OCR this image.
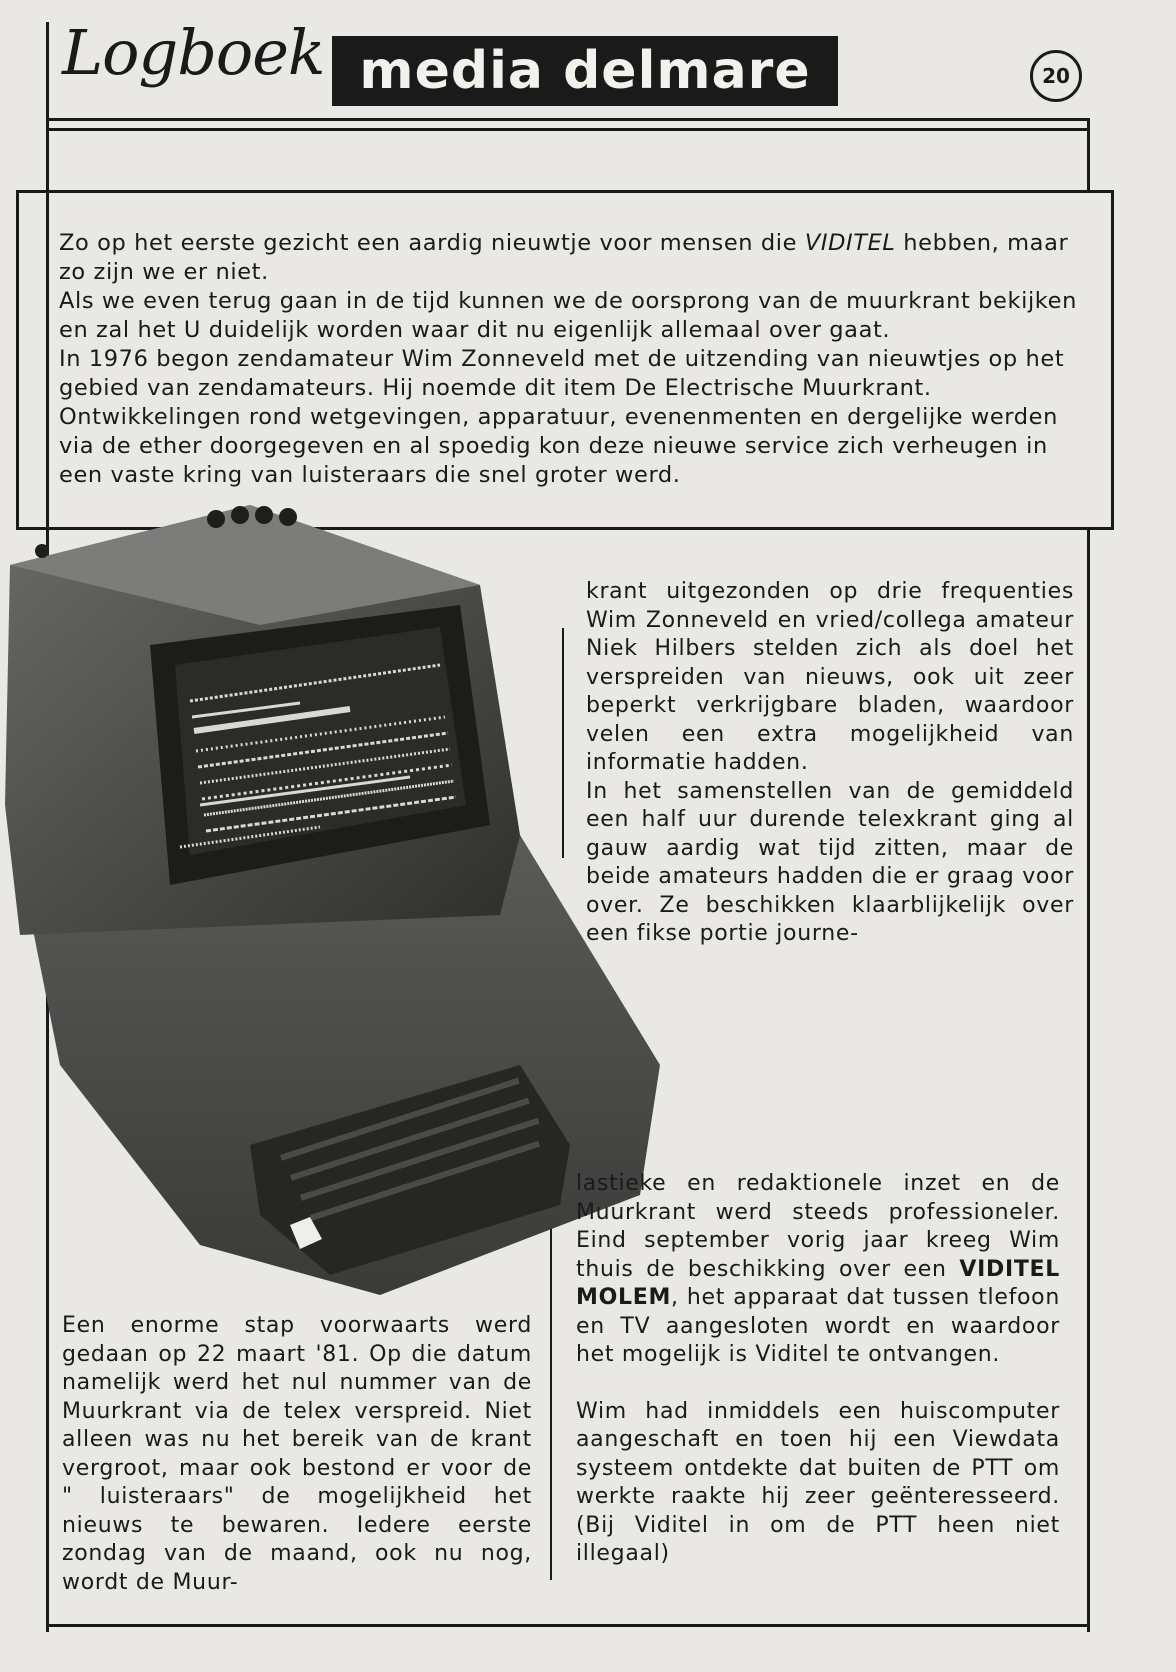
Logboek media delmare	20

Zo op het eerste gezicht een aardig nieuwtje voor mensen die VIDITEL hebben, maar zo zijn we er niet.

Als we even terug gaan in de tijd kunnen we de oorsprong van de muurkrant bekijken en zal het U duidelijk worden waar dit nu eigenlijk allemaal over gaat.

In 1976 begon zendamateur Wim Zonneveld met de uitzending van nieuwtjes op het gebied van zendamateurs. Hij noemde dit item De Electrische Muurkrant. Ontwikkelingen rond wetgevingen, apparatuur, evenenmenten en dergelijke werden via de ether doorgegeven en al spoedig kon deze nieuwe service zich verheugen in een vaste kring van luisteraars die snel groter werd.

krant uitgezonden op drie frequenties Wim Zonneveld en vried/collega amateur Niek Hilbers stelden zich als doel het verspreiden van nieuws, ook uit zeer beperkt verkrijgbare bladen, waardoor velen een extra mogelijkheid van informatie hadden.

In het samenstellen van de gemiddeld een half uur durende telexkrant ging al gauw aardig wat tijd zitten, maar de beide amateurs hadden die er graag voor over. Ze beschikken klaarblijkelijk over een fikse portie journe-

Een enorme stap voorwaarts werd gedaan op 22 maart '81. Op die datum namelijk werd het nul nummer van de Muurkrant via de telex verspreid. Niet alleen was nu het bereik van de krant vergroot, maar ook bestond er voor de " luisteraars" de mogelijkheid het nieuws te bewaren. Iedere eerste zondag van de maand, ook nu nog, wordt de Muur-

lastieke en redaktionele inzet en de Muurkrant werd steeds professioneler. Eind september vorig jaar kreeg Wim thuis de beschikking over een VIDITEL MOLEM, het apparaat dat tussen tlefoon en TV aangesloten wordt en waardoor het mogelijk is Viditel te ontvangen.

Wim had inmiddels een huiscomputer aangeschaft en toen hij een Viewdata systeem ontdekte dat buiten de PTT om werkte raakte hij zeer geënteresseerd. (Bij Viditel in om de PTT heen niet illegaal)
